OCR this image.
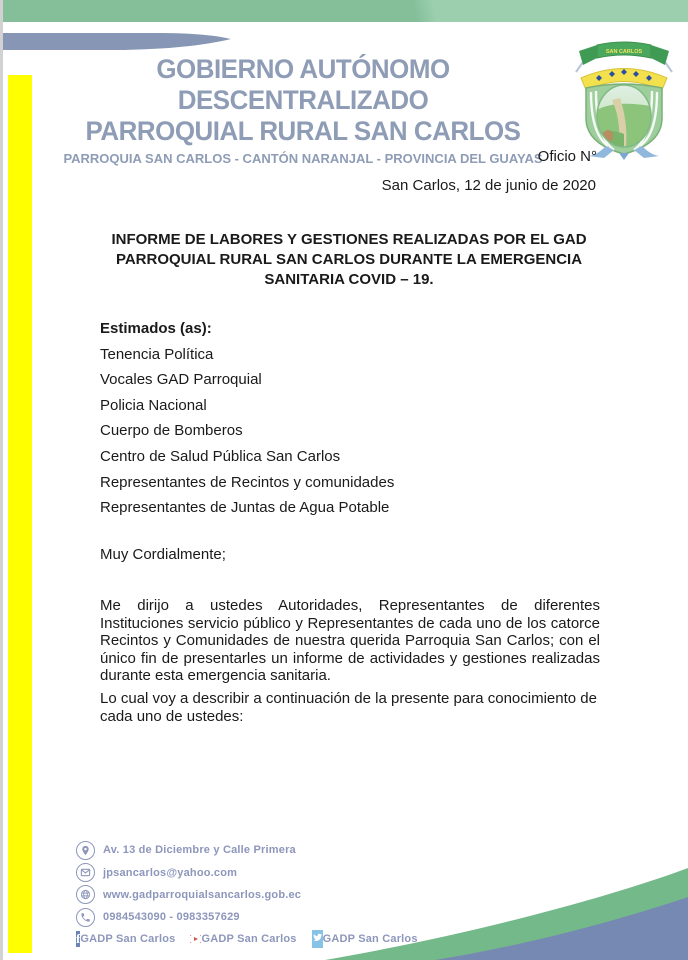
GOBIERNO AUTÓNOMO DESCENTRALIZADO
PARROQUIAL RURAL SAN CARLOS
PARROQUIA SAN CARLOS - CANTÓN NARANJAL - PROVINCIA DEL GUAYAS
SAN CARLOS
Oficio N°
San Carlos, 12 de junio de 2020
INFORME DE LABORES Y GESTIONES REALIZADAS POR EL GAD
PARROQUIAL RURAL SAN CARLOS DURANTE LA EMERGENCIA
SANITARIA COVID – 19.
Estimados (as):
Tenencia Política
Vocales GAD Parroquial
Policia Nacional
Cuerpo de Bomberos
Centro de Salud Pública San Carlos
Representantes de Recintos y comunidades
Representantes de Juntas de Agua Potable
Muy Cordialmente;
Me dirijo a ustedes Autoridades, Representantes de diferentes Instituciones servicio público y Representantes de cada uno de los catorce Recintos y Comunidades de nuestra querida Parroquia San Carlos; con el único fin de presentarles un informe de actividades y gestiones realizadas durante esta emergencia sanitaria.
Lo cual voy a describir a continuación de la presente para conocimiento de cada uno de ustedes:
Av. 13 de Diciembre y Calle Primera
jpsancarlos@yahoo.com
www.gadparroquialsancarlos.gob.ec
0984543090 - 0983357629
f GADP San Carlos GADP San Carlos GADP San Carlos
